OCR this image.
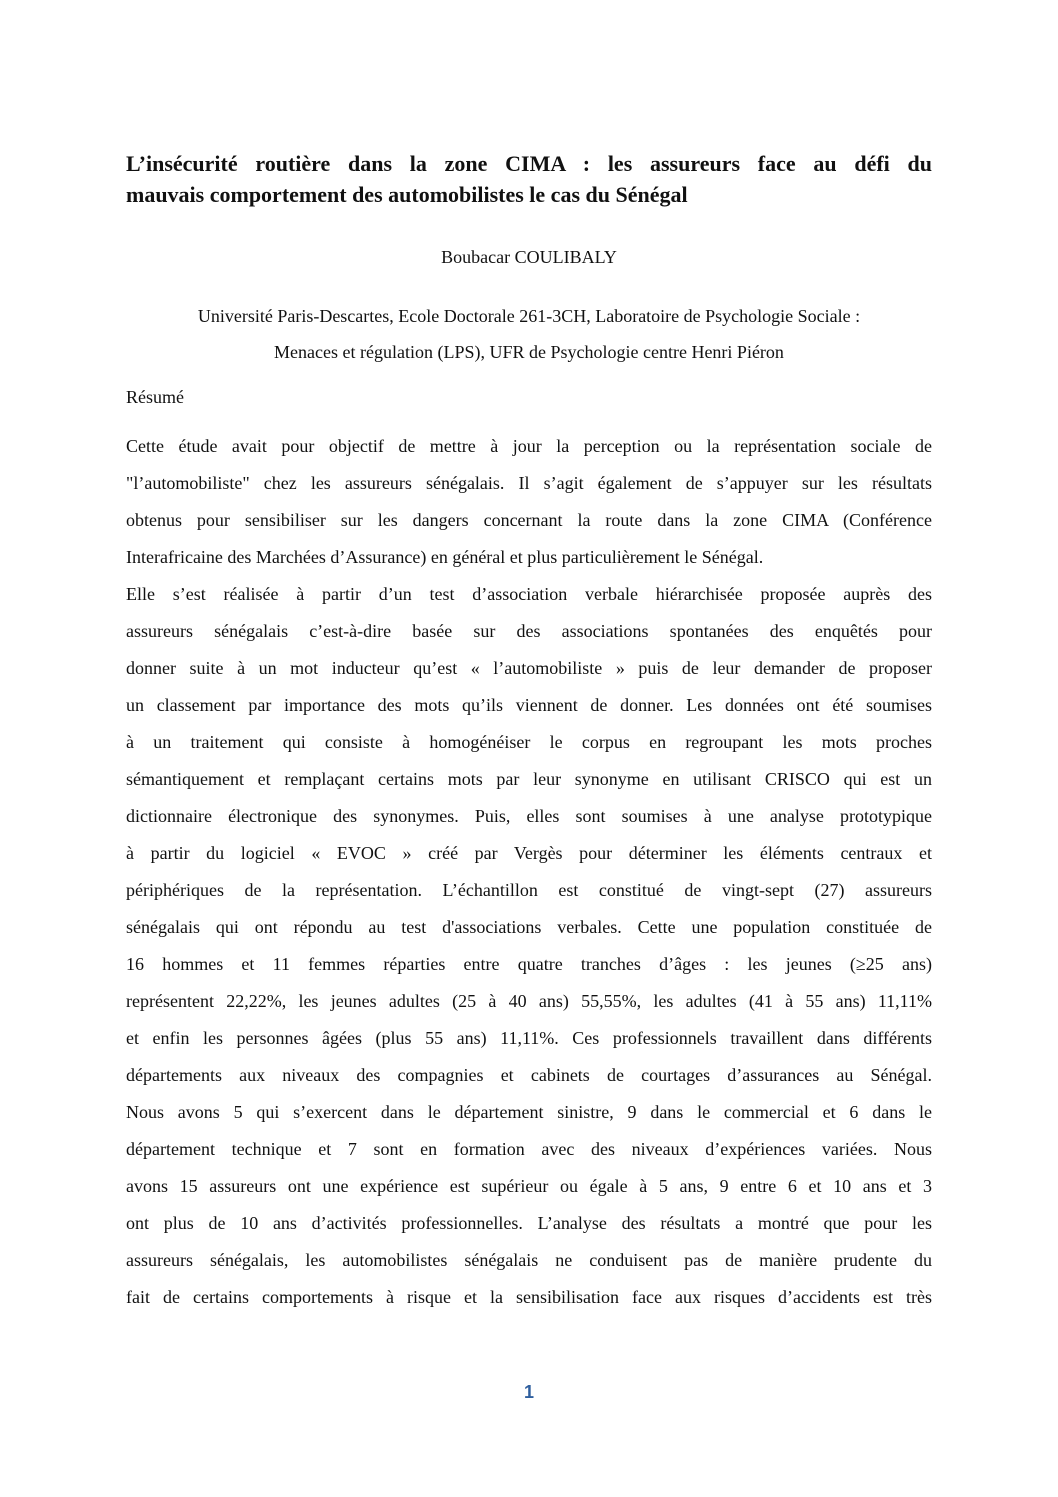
L’insécurité routière dans la zone CIMA : les assureurs face au défi du
mauvais comportement des automobilistes le cas du Sénégal
Boubacar COULIBALY
Université Paris-Descartes, Ecole Doctorale 261-3CH, Laboratoire de Psychologie Sociale :
Menaces et régulation (LPS), UFR de Psychologie centre Henri Piéron
Résumé
Cette étude avait pour objectif de mettre à jour la perception ou la représentation sociale de
"l’automobiliste" chez les assureurs sénégalais. Il s’agit également de s’appuyer sur les résultats
obtenus pour sensibiliser sur les dangers concernant la route dans la zone CIMA (Conférence
Interafricaine des Marchées d’Assurance) en général et plus particulièrement le Sénégal.
Elle s’est réalisée à partir d’un test d’association verbale hiérarchisée proposée auprès des
assureurs sénégalais c’est-à-dire basée sur des associations spontanées des enquêtés pour
donner suite à un mot inducteur qu’est « l’automobiliste » puis de leur demander de proposer
un classement par importance des mots qu’ils viennent de donner. Les données ont été soumises
à un traitement qui consiste à homogénéiser le corpus en regroupant les mots proches
sémantiquement et remplaçant certains mots par leur synonyme en utilisant CRISCO qui est un
dictionnaire électronique des synonymes. Puis, elles sont soumises à une analyse prototypique
à partir du logiciel « EVOC » créé par Vergès pour déterminer les éléments centraux et
périphériques de la représentation. L’échantillon est constitué de vingt-sept (27) assureurs
sénégalais qui ont répondu au test d'associations verbales. Cette une population constituée de
16 hommes et 11 femmes réparties entre quatre tranches d’âges : les jeunes (≥25 ans)
représentent 22,22%, les jeunes adultes (25 à 40 ans) 55,55%, les adultes (41 à 55 ans) 11,11%
et enfin les personnes âgées (plus 55 ans) 11,11%. Ces professionnels travaillent dans différents
départements aux niveaux des compagnies et cabinets de courtages d’assurances au Sénégal.
Nous avons 5 qui s’exercent dans le département sinistre, 9 dans le commercial et 6 dans le
département technique et 7 sont en formation avec des niveaux d’expériences variées. Nous
avons 15 assureurs ont une expérience est supérieur ou égale à 5 ans, 9 entre 6 et 10 ans et 3
ont plus de 10 ans d’activités professionnelles. L’analyse des résultats a montré que pour les
assureurs sénégalais, les automobilistes sénégalais ne conduisent pas de manière prudente du
fait de certains comportements à risque et la sensibilisation face aux risques d’accidents est très
1
